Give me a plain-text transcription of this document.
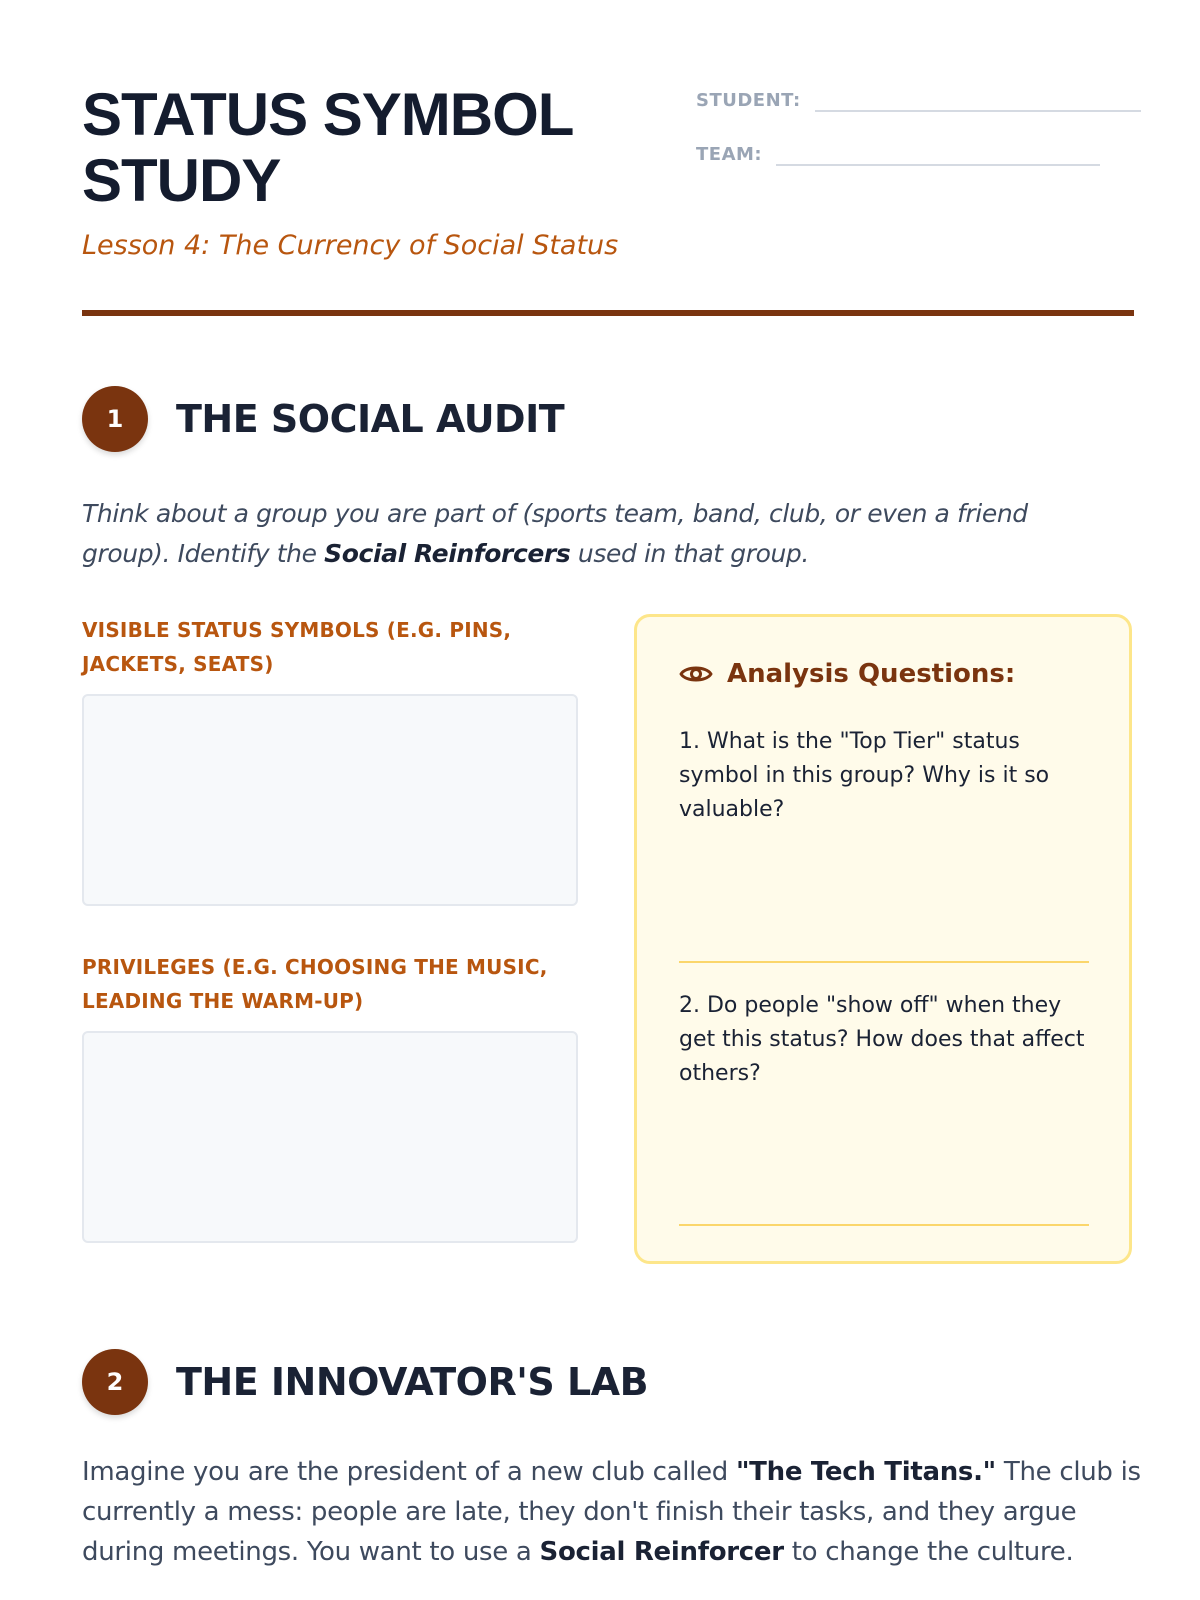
STATUS SYMBOL STUDY
Lesson 4: The Currency of Social Status
STUDENT:
TEAM:
1	THE SOCIAL AUDIT
Think about a group you are part of (sports team, band, club, or even a friend group). Identify the Social Reinforcers used in that group.
VISIBLE STATUS SYMBOLS (E.G. PINS, JACKETS, SEATS)
PRIVILEGES (E.G. CHOOSING THE MUSIC, LEADING THE WARM-UP)
Analysis Questions:
1. What is the "Top Tier" status symbol in this group? Why is it so valuable?
2. Do people "show off" when they get this status? How does that affect others?
2	THE INNOVATOR'S LAB
Imagine you are the president of a new club called "The Tech Titans." The club is currently a mess: people are late, they don't finish their tasks, and they argue during meetings. You want to use a Social Reinforcer to change the culture.
